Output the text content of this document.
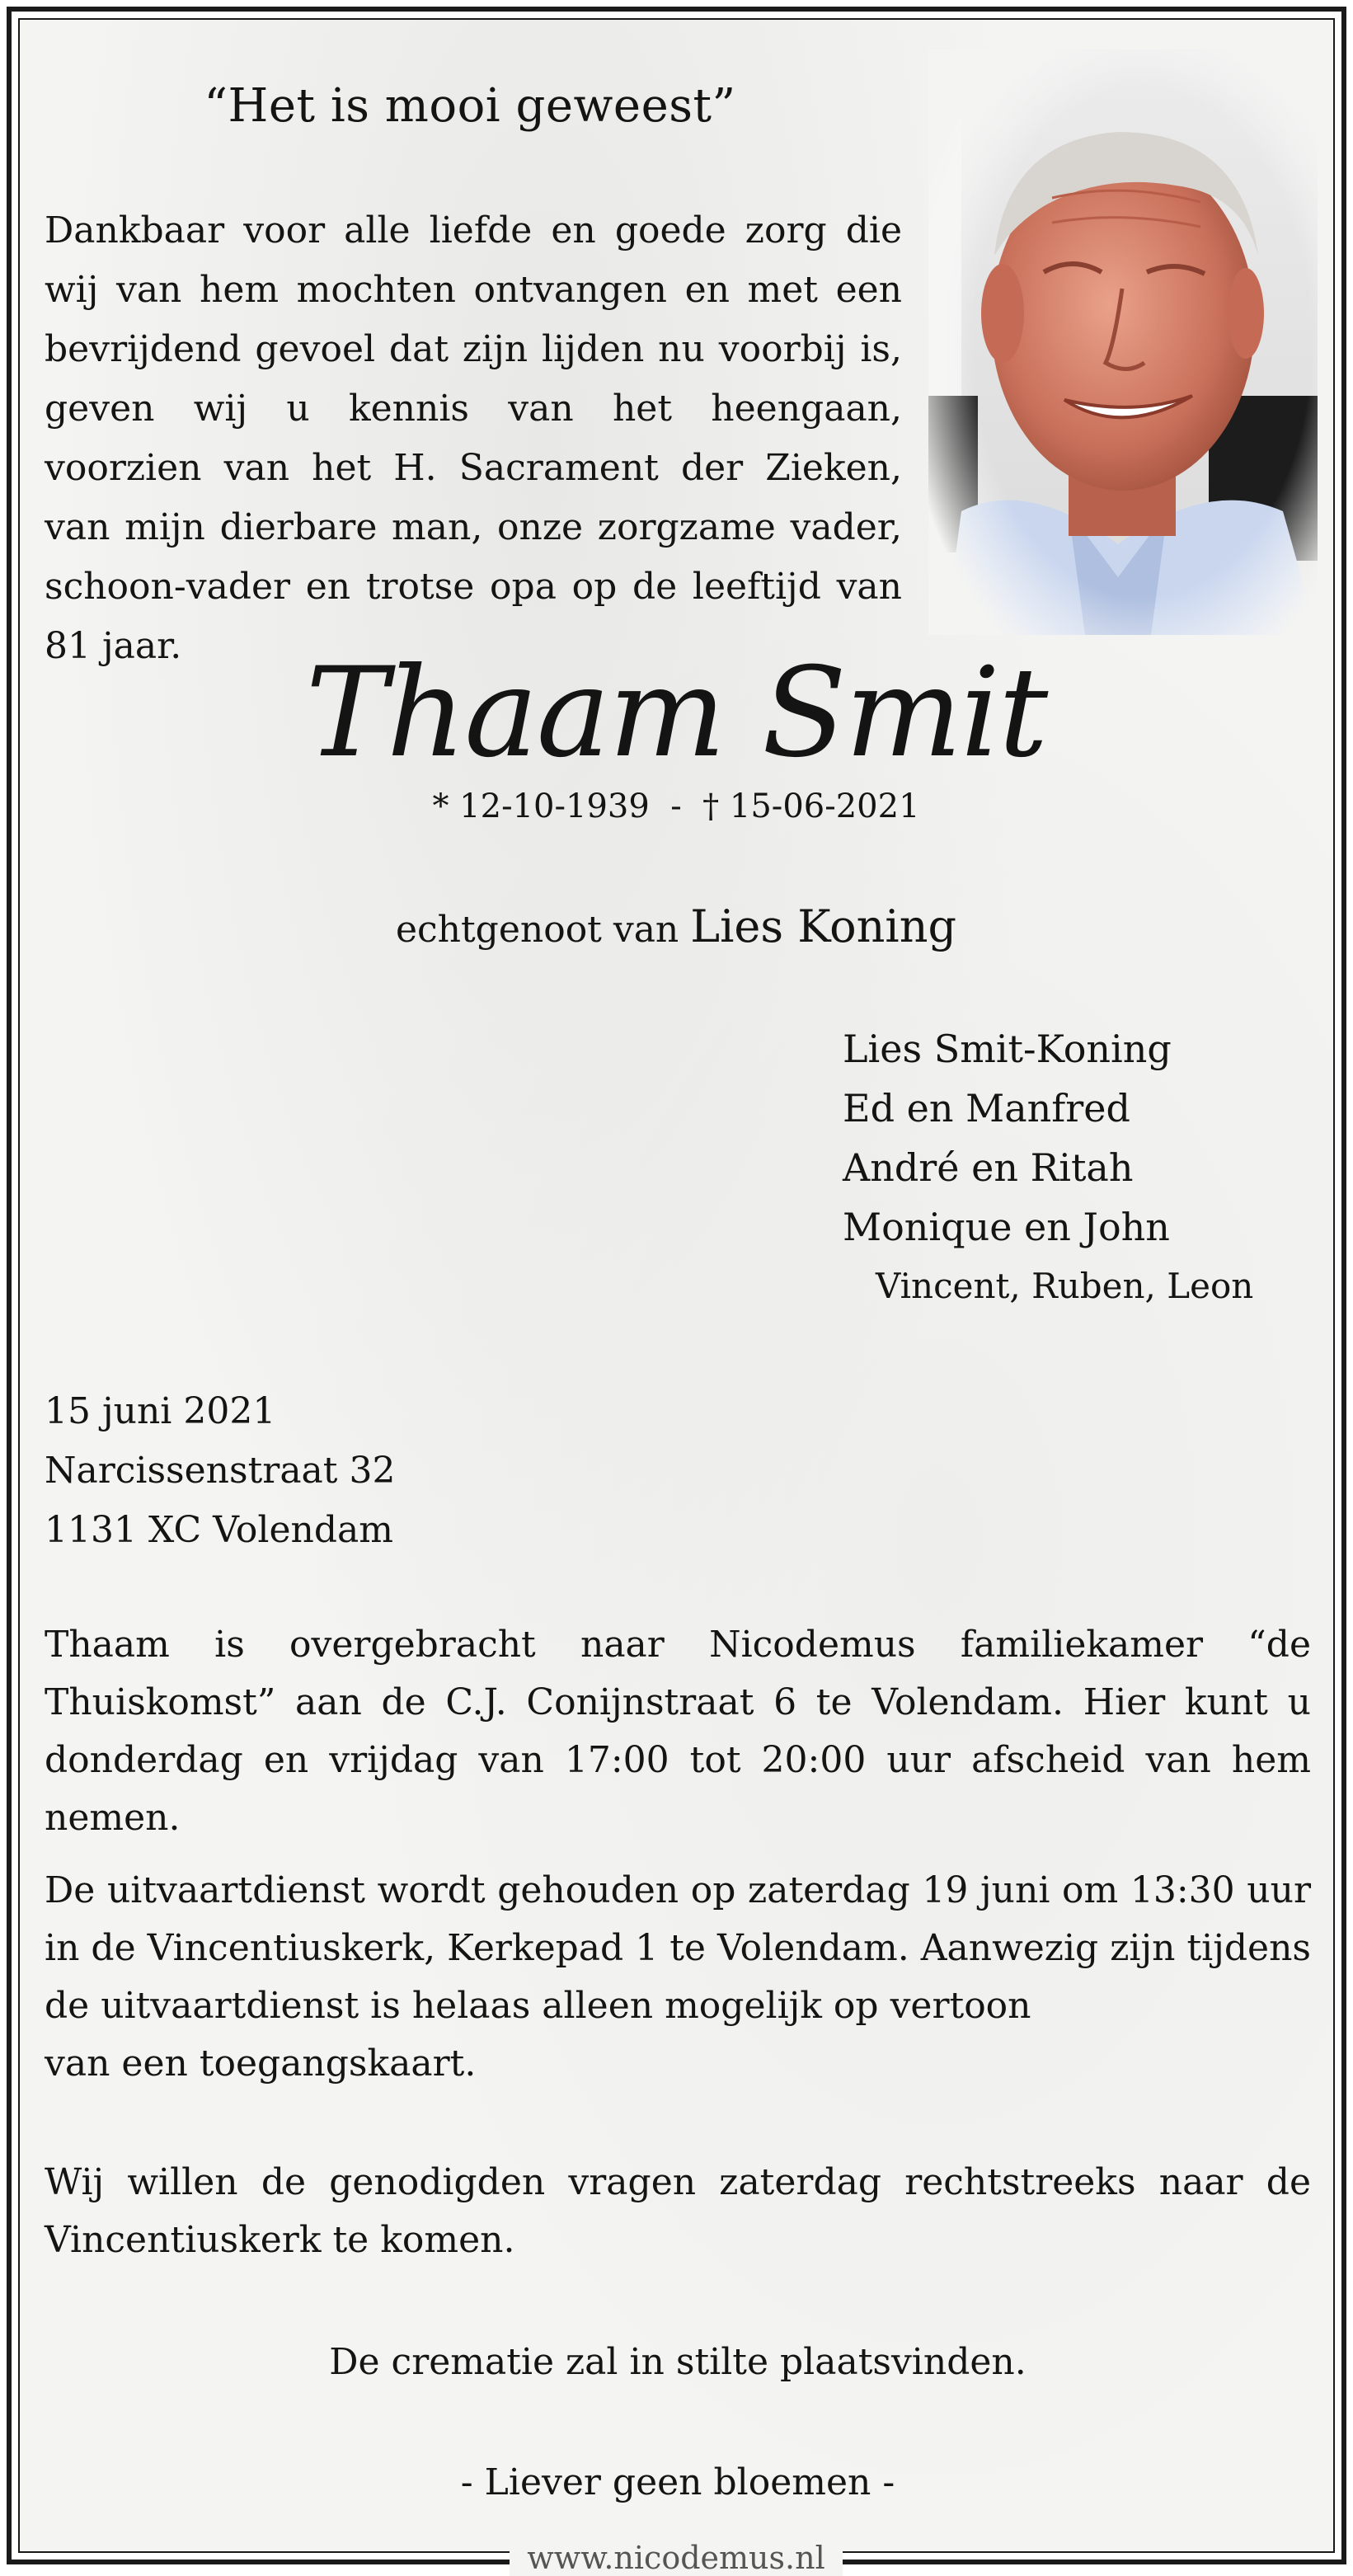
“Het is mooi geweest”
Dankbaar voor alle liefde en goede zorg die wij van hem mochten ontvangen en met een bevrijdend gevoel dat zijn lijden nu voorbij is, geven wij u kennis van het heengaan, voorzien van het H. Sacrament der Zieken, van mijn dierbare man, onze zorgzame vader, schoon-vader en trotse opa op de leeftijd van 81 jaar.	Thaam Smit
* 12-10-1939  -  † 15-06-2021
echtgenoot van Lies Koning
Lies Smit-Koning
Ed en Manfred
André en Ritah
Monique en John
Vincent, Ruben, Leon
15 juni 2021
Narcissenstraat 32
1131 XC Volendam
Thaam is overgebracht naar Nicodemus familiekamer “de Thuiskomst” aan de C.J. Conijnstraat 6 te Volendam. Hier kunt u donderdag en vrijdag van 17:00 tot 20:00 uur afscheid van hem nemen.
De uitvaartdienst wordt gehouden op zaterdag 19 juni om 13:30 uur in de Vincentiuskerk, Kerkepad 1 te Volendam. Aanwezig zijn tijdens de uitvaartdienst is helaas alleen mogelijk op vertoon
van een toegangskaart.
Wij willen de genodigden vragen zaterdag rechtstreeks naar de Vincentiuskerk te komen.
De crematie zal in stilte plaatsvinden.
- Liever geen bloemen -
www.nicodemus.nl
